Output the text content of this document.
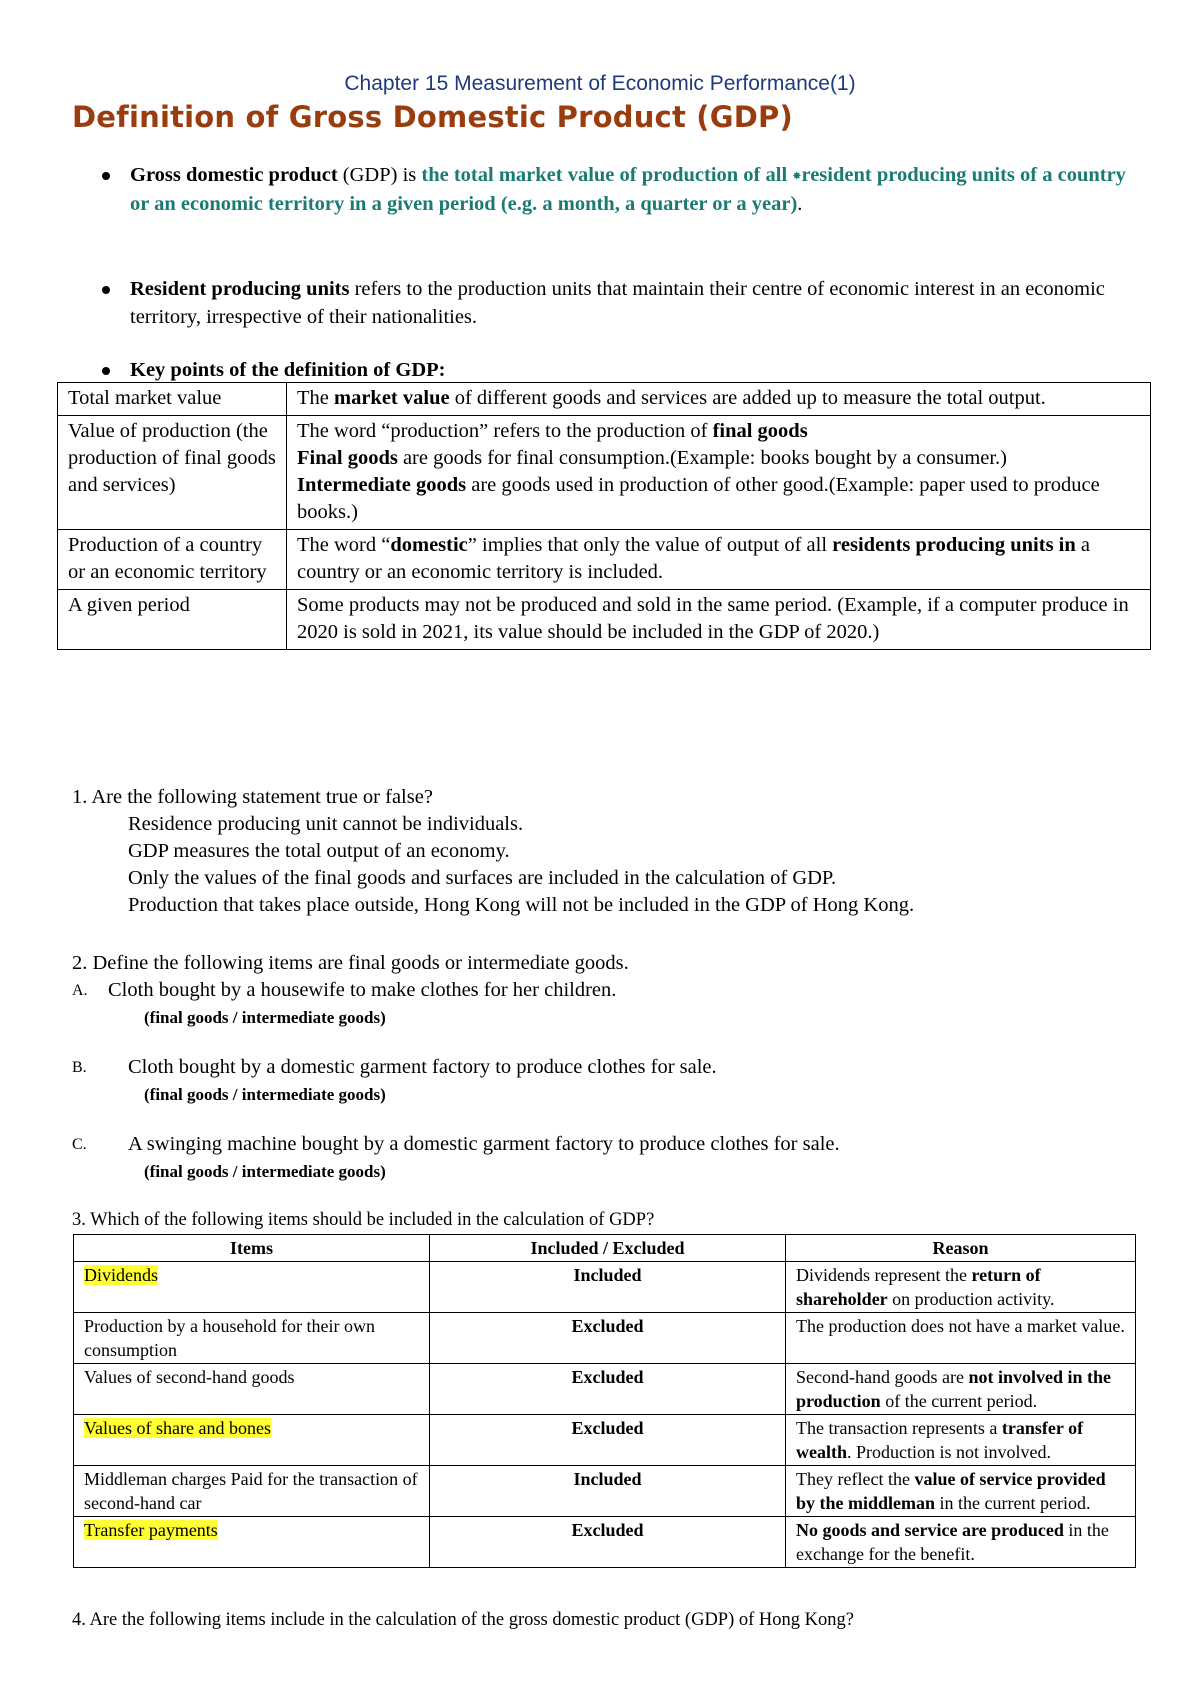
Chapter 15 Measurement of Economic Performance(1)
Definition of Gross Domestic Product (GDP)
Gross domestic product (GDP) is the total market value of production of all ✸resident producing units of a country or an economic territory in a given period (e.g. a month, a quarter or a year).
Resident producing units refers to the production units that maintain their centre of economic interest in an economic territory, irrespective of their nationalities.
Key points of the definition of GDP:
Total market value	The market value of different goods and services are added up to measure the total output.
Value of production (the production of final goods and services)	The word “production” refers to the production of final goods
Final goods are goods for final consumption.(Example: books bought by a consumer.)
Intermediate goods are goods used in production of other good.(Example: paper used to produce books.)

Production of a country or an economic territory	The word “domestic” implies that only the value of output of all residents producing units in a country or an economic territory is included.
A given period	Some products may not be produced and sold in the same period. (Example, if a computer produce in 2020 is sold in 2021, its value should be included in the GDP of 2020.)
1. Are the following statement true or false?
Residence producing unit cannot be individuals.
GDP measures the total output of an economy.
Only the values of the final goods and surfaces are included in the calculation of GDP.
Production that takes place outside, Hong Kong will not be included in the GDP of Hong Kong.
2. Define the following items are final goods or intermediate goods.
A. Cloth bought by a housewife to make clothes for her children.
(final goods / intermediate goods)
B.	Cloth bought by a domestic garment factory to produce clothes for sale.
(final goods / intermediate goods)
C.	A swinging machine bought by a domestic garment factory to produce clothes for sale.
(final goods / intermediate goods)
3. Which of the following items should be included in the calculation of GDP?
Items	Included / Excluded	Reason
Dividends	Included	Dividends represent the return of shareholder on production activity.
Production by a household for their own consumption	Excluded	The production does not have a market value.
Values of second-hand goods	Excluded	Second-hand goods are not involved in the production of the current period.
Values of share and bones	Excluded	The transaction represents a transfer of wealth. Production is not involved.
Middleman charges Paid for the transaction of second-hand car	Included	They reflect the value of service provided by the middleman in the current period.
Transfer payments	Excluded	No goods and service are produced in the exchange for the benefit.
4. Are the following items include in the calculation of the gross domestic product (GDP) of Hong Kong?
